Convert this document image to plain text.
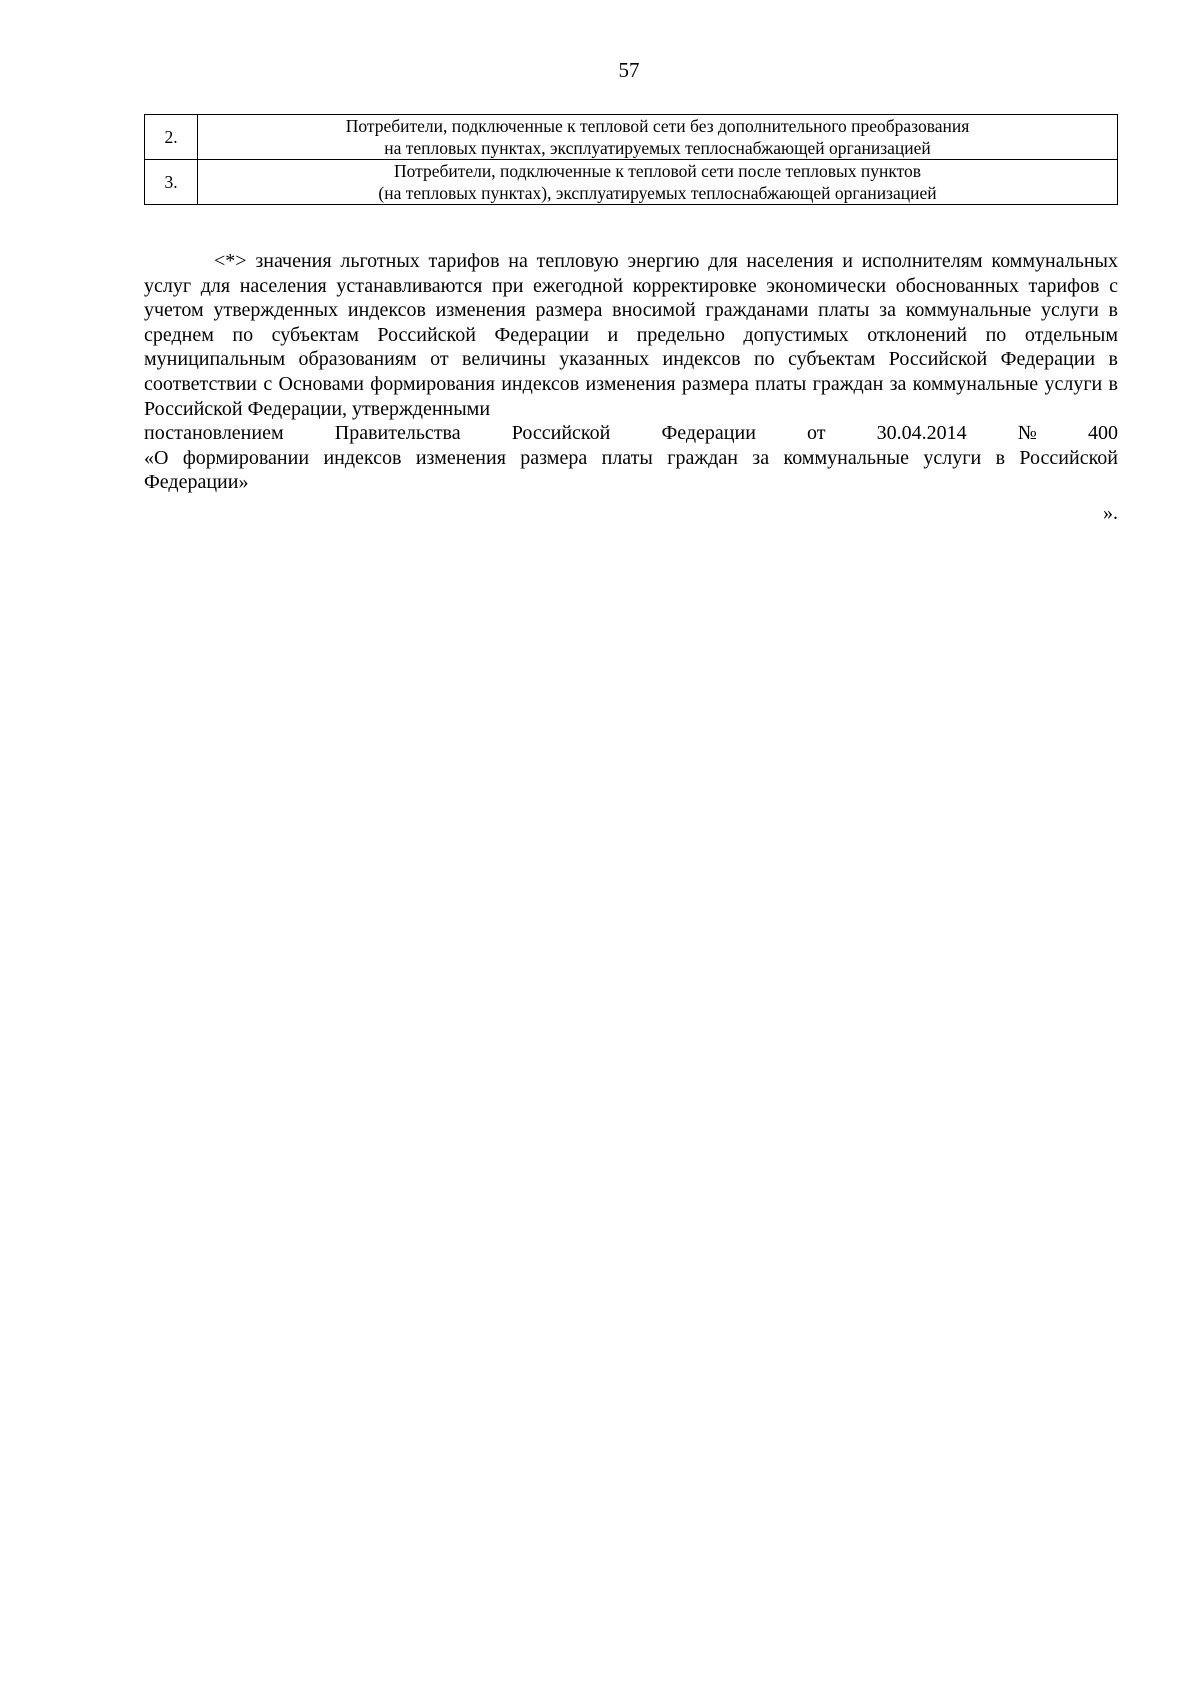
57
2.	Потребители, подключенные к тепловой сети без дополнительного преобразования
на тепловых пунктах, эксплуатируемых теплоснабжающей организацией

3.	Потребители, подключенные к тепловой сети после тепловых пунктов
(на тепловых пунктах), эксплуатируемых теплоснабжающей организацией

<*> значения льготных тарифов на тепловую энергию для населения и исполнителям коммунальных услуг для населения устанавливаются при ежегодной корректировке экономически обоснованных тарифов с учетом утвержденных индексов изменения размера вносимой гражданами платы за коммунальные услуги в среднем по субъектам Российской Федерации и предельно допустимых отклонений по отдельным муниципальным образованиям от величины указанных индексов по субъектам Российской Федерации в соответствии с Основами формирования индексов изменения размера платы граждан за коммунальные услуги в Российской Федерации, утвержденными

постановлением	Правительства	Российской	Федерации	от	30.04.2014	№	400

«О формировании индексов изменения размера платы граждан за коммунальные услуги в Российской Федерации»

».
